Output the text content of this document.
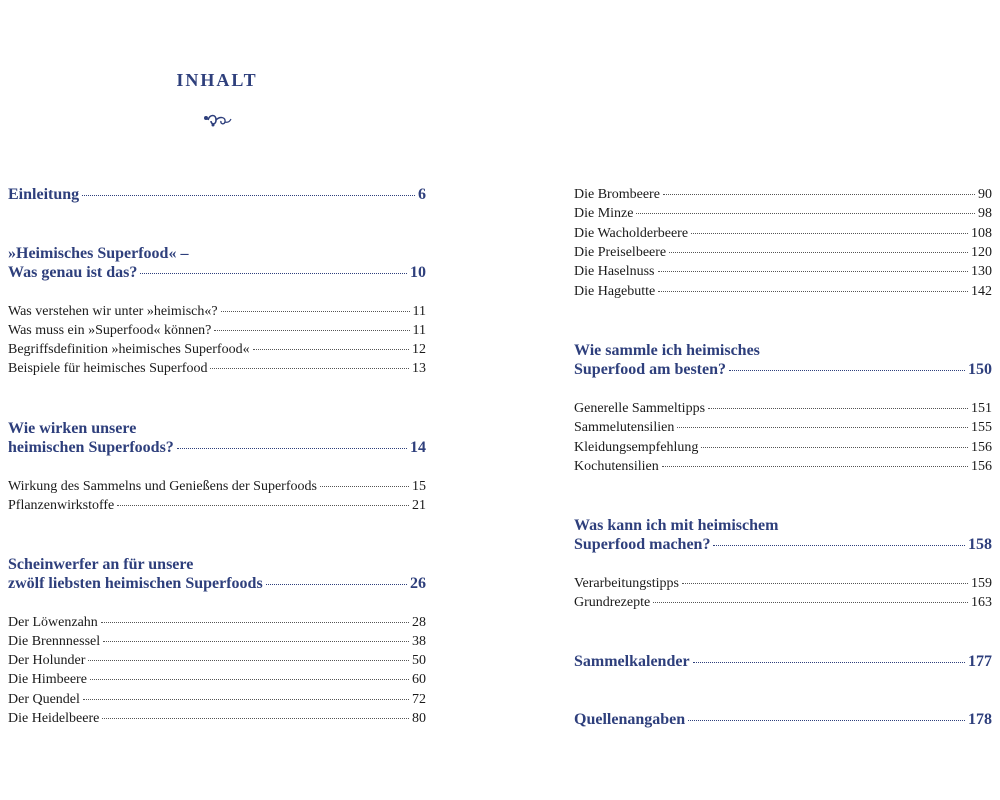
INHALT
Einleitung	6
»Heimisches Superfood« –
Was genau ist das?	10
Was verstehen wir unter »heimisch«?	11
Was muss ein »Superfood« können?	11
Begriffsdefinition »heimisches Superfood«	12
Beispiele für heimisches Superfood	13
Wie wirken unsere
heimischen Superfoods?	14
Wirkung des Sammelns und Genießens der Superfoods	15
Pflanzenwirkstoffe	21
Scheinwerfer an für unsere
zwölf liebsten heimischen Superfoods	26
Der Löwenzahn	28
Die Brennnessel	38
Der Holunder	50
Die Himbeere	60
Der Quendel	72
Die Heidelbeere	80
Die Brombeere	90
Die Minze	98
Die Wacholderbeere	108
Die Preiselbeere	120
Die Haselnuss	130
Die Hagebutte	142
Wie sammle ich heimisches
Superfood am besten?	150
Generelle Sammeltipps	151
Sammelutensilien	155
Kleidungsempfehlung	156
Kochutensilien	156
Was kann ich mit heimischem
Superfood machen?	158
Verarbeitungstipps	159
Grundrezepte	163
Sammelkalender	177
Quellenangaben	178
